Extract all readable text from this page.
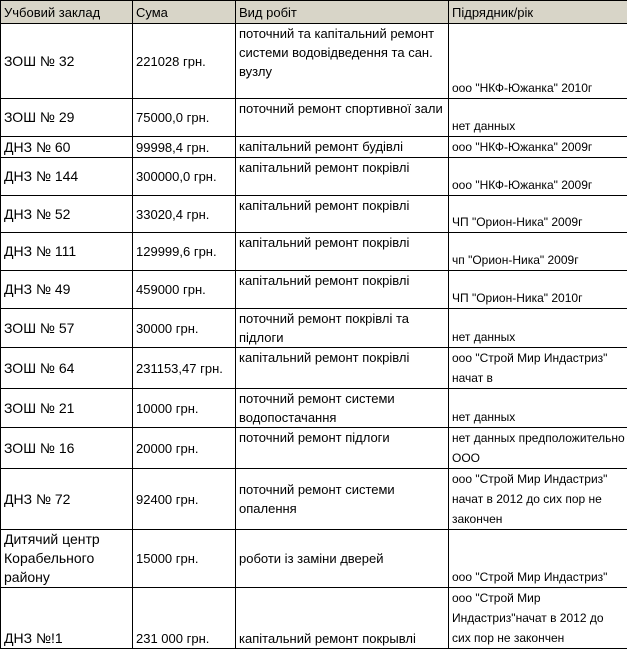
Учбовий заклад	Сума	Вид робіт	Підрядник/рік
ЗОШ № 32	221028 грн.	поточний та капітальний ремонт системи водовідведення та сан. вузлу	ооо "НКФ-Южанка" 2010г
ЗОШ № 29	75000,0 грн.	поточний ремонт спортивної зали	нет данных
ДНЗ № 60	99998,4 грн.	капітальний ремонт будівлі	ооо "НКФ-Южанка" 2009г
ДНЗ № 144	300000,0 грн.	капітальний ремонт покрівлі	ооо "НКФ-Южанка" 2009г
ДНЗ № 52	33020,4 грн.	капітальний ремонт покрівлі	ЧП "Орион-Ника" 2009г
ДНЗ № 111	129999,6 грн.	капітальний ремонт покрівлі	чп "Орион-Ника" 2009г
ДНЗ № 49	459000 грн.	капітальний ремонт покрівлі	ЧП "Орион-Ника" 2010г
ЗОШ № 57	30000 грн.	поточний ремонт покрівлі та підлоги	нет данных
ЗОШ № 64	231153,47 грн.	капітальний ремонт покрівлі	ооо "Строй Мир Индастриз" начат в
ЗОШ № 21	10000 грн.	поточний ремонт системи водопостачання	нет данных
ЗОШ № 16	20000 грн.	поточний ремонт підлоги	нет данных предположительно ООО
ДНЗ № 72	92400 грн.	поточний ремонт системи опалення	ооо "Строй Мир Индастриз" начат в 2012 до сих пор не закончен
Дитячий центр Корабельного району	15000 грн.	роботи із заміни дверей	ооо "Строй Мир Индастриз"
ДНЗ №!1	231 000 грн.	капітальний ремонт покрывлі	ооо "Строй Мир Индастриз"начат в 2012 до сих пор не закончен
